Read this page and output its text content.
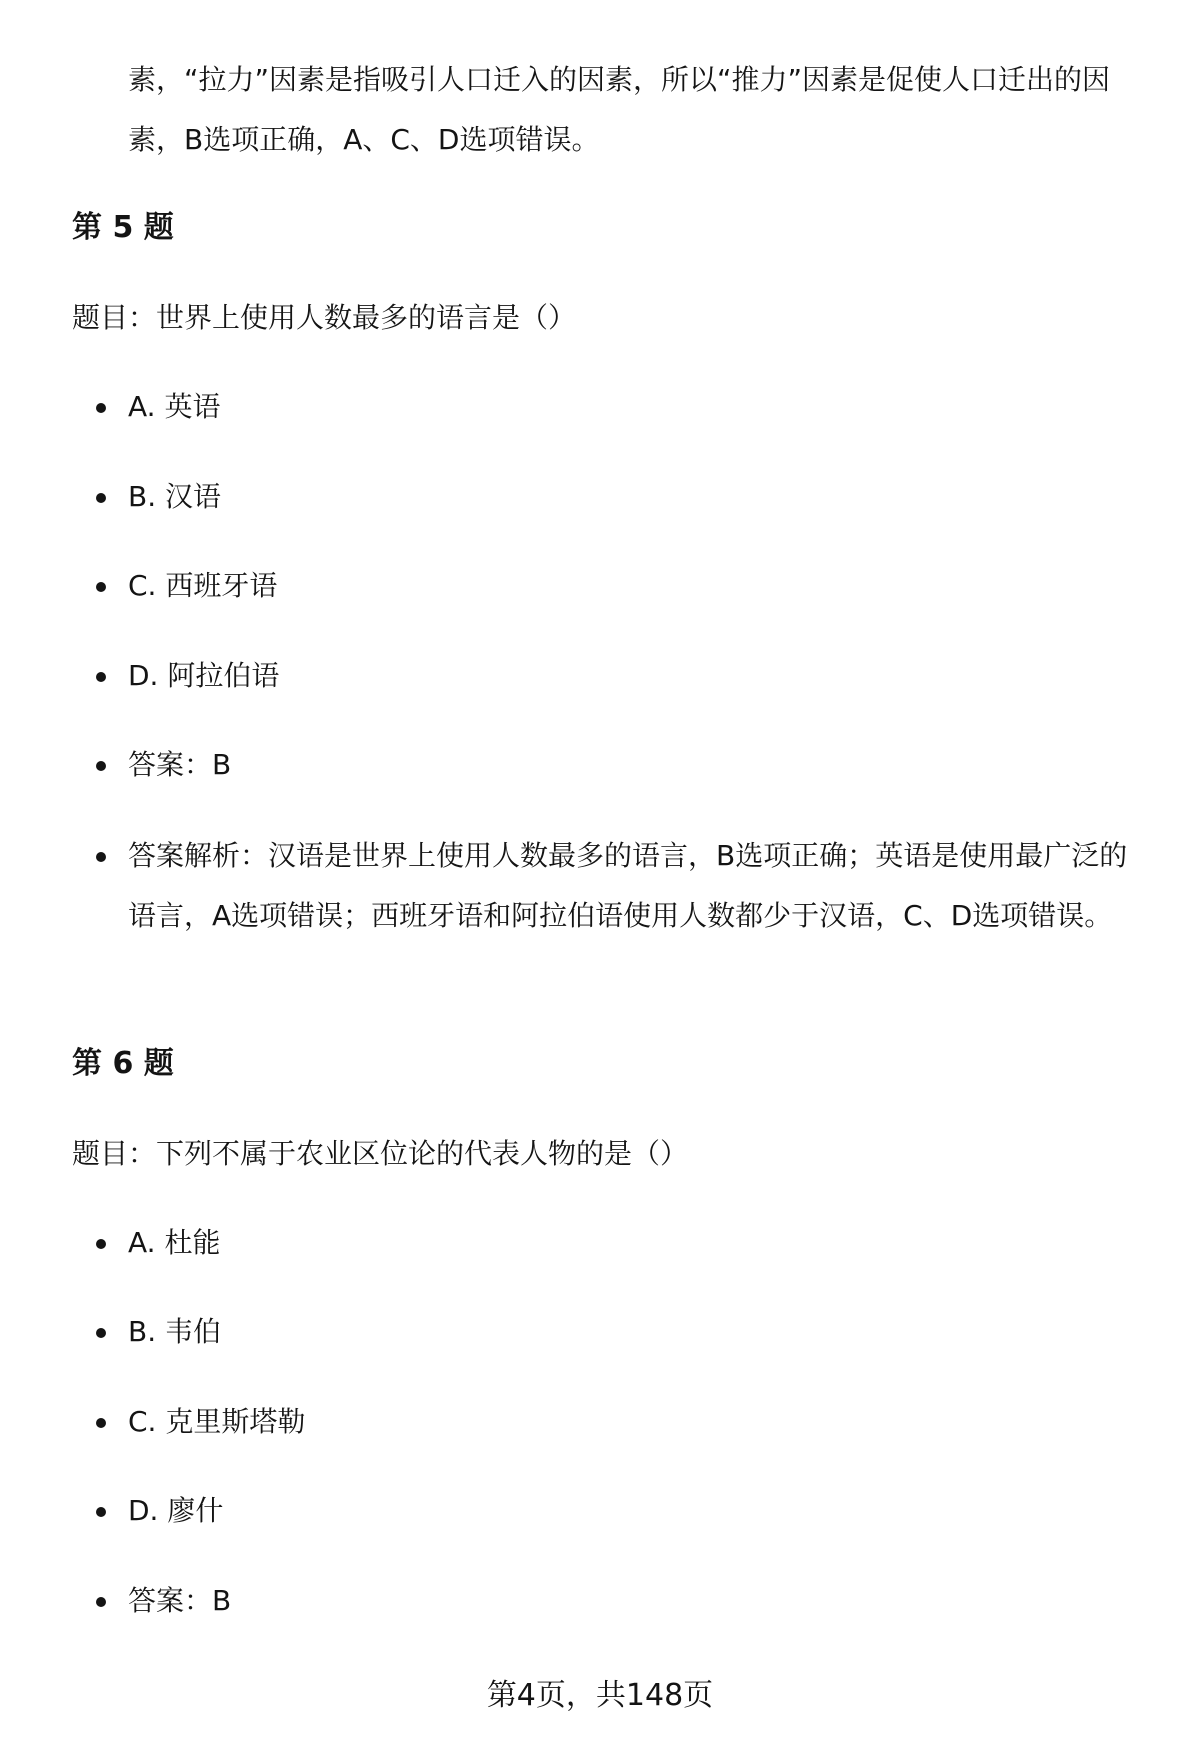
素，“拉力”因素是指吸引人口迁入的因素，所以“推力”因素是促使人口迁出的因素，B选项正确，A、C、D选项错误。

第 5 题

题目：世界上使用人数最多的语言是（）

A. 英语
B. 汉语
C. 西班牙语
D. 阿拉伯语
答案：B
答案解析：汉语是世界上使用人数最多的语言，B选项正确；英语是使用最广泛的语言，A选项错误；西班牙语和阿拉伯语使用人数都少于汉语，C、D选项错误。

第 6 题

题目：下列不属于农业区位论的代表人物的是（）

A. 杜能
B. 韦伯
C. 克里斯塔勒
D. 廖什
答案：B

第4页，共148页
